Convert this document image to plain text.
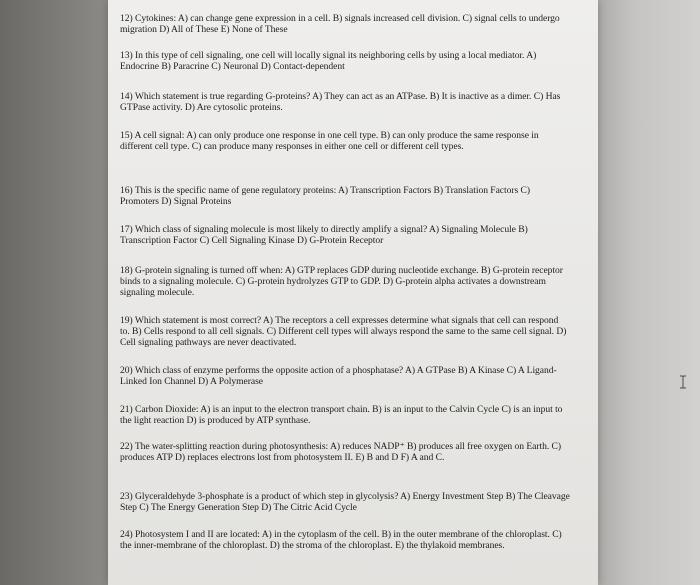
12) Cytokines: A) can change gene expression in a cell. B) signals increased cell division. C) signal cells to undergo migration D) All of These E) None of These
13) In this type of cell signaling, one cell will locally signal its neighboring cells by using a local mediator. A) Endocrine B) Paracrine C) Neuronal D) Contact-dependent
14) Which statement is true regarding G-proteins? A) They can act as an ATPase. B) It is inactive as a dimer. C) Has GTPase activity. D) Are cytosolic proteins.
15) A cell signal: A) can only produce one response in one cell type. B) can only produce the same response in different cell type. C) can produce many responses in either one cell or different cell types.
16) This is the specific name of gene regulatory proteins: A) Transcription Factors B) Translation Factors C) Promoters D) Signal Proteins
17) Which class of signaling molecule is most likely to directly amplify a signal? A) Signaling Molecule B) Transcription Factor C) Cell Signaling Kinase D) G-Protein Receptor
18) G-protein signaling is turned off when: A) GTP replaces GDP during nucleotide exchange. B) G-protein receptor binds to a signaling molecule. C) G-protein hydrolyzes GTP to GDP. D) G-protein alpha activates a downstream signaling molecule.
19) Which statement is most correct? A) The receptors a cell expresses determine what signals that cell can respond to. B) Cells respond to all cell signals. C) Different cell types will always respond the same to the same cell signal. D) Cell signaling pathways are never deactivated.
20) Which class of enzyme performs the opposite action of a phosphatase? A) A GTPase B) A Kinase C) A Ligand-Linked Ion Channel D) A Polymerase
21) Carbon Dioxide: A) is an input to the electron transport chain. B) is an input to the Calvin Cycle C) is an input to the light reaction D) is produced by ATP synthase.
22) The water-splitting reaction during photosynthesis: A) reduces NADP⁺ B) produces all free oxygen on Earth. C) produces ATP D) replaces electrons lost from photosystem II. E) B and D F) A and C.
23) Glyceraldehyde 3-phosphate is a product of which step in glycolysis? A) Energy Investment Step B) The Cleavage Step C) The Energy Generation Step D) The Citric Acid Cycle
24) Photosystem I and II are located: A) in the cytoplasm of the cell. B) in the outer membrane of the chloroplast. C) the inner-membrane of the chloroplast. D) the stroma of the chloroplast. E) the thylakoid membranes.
